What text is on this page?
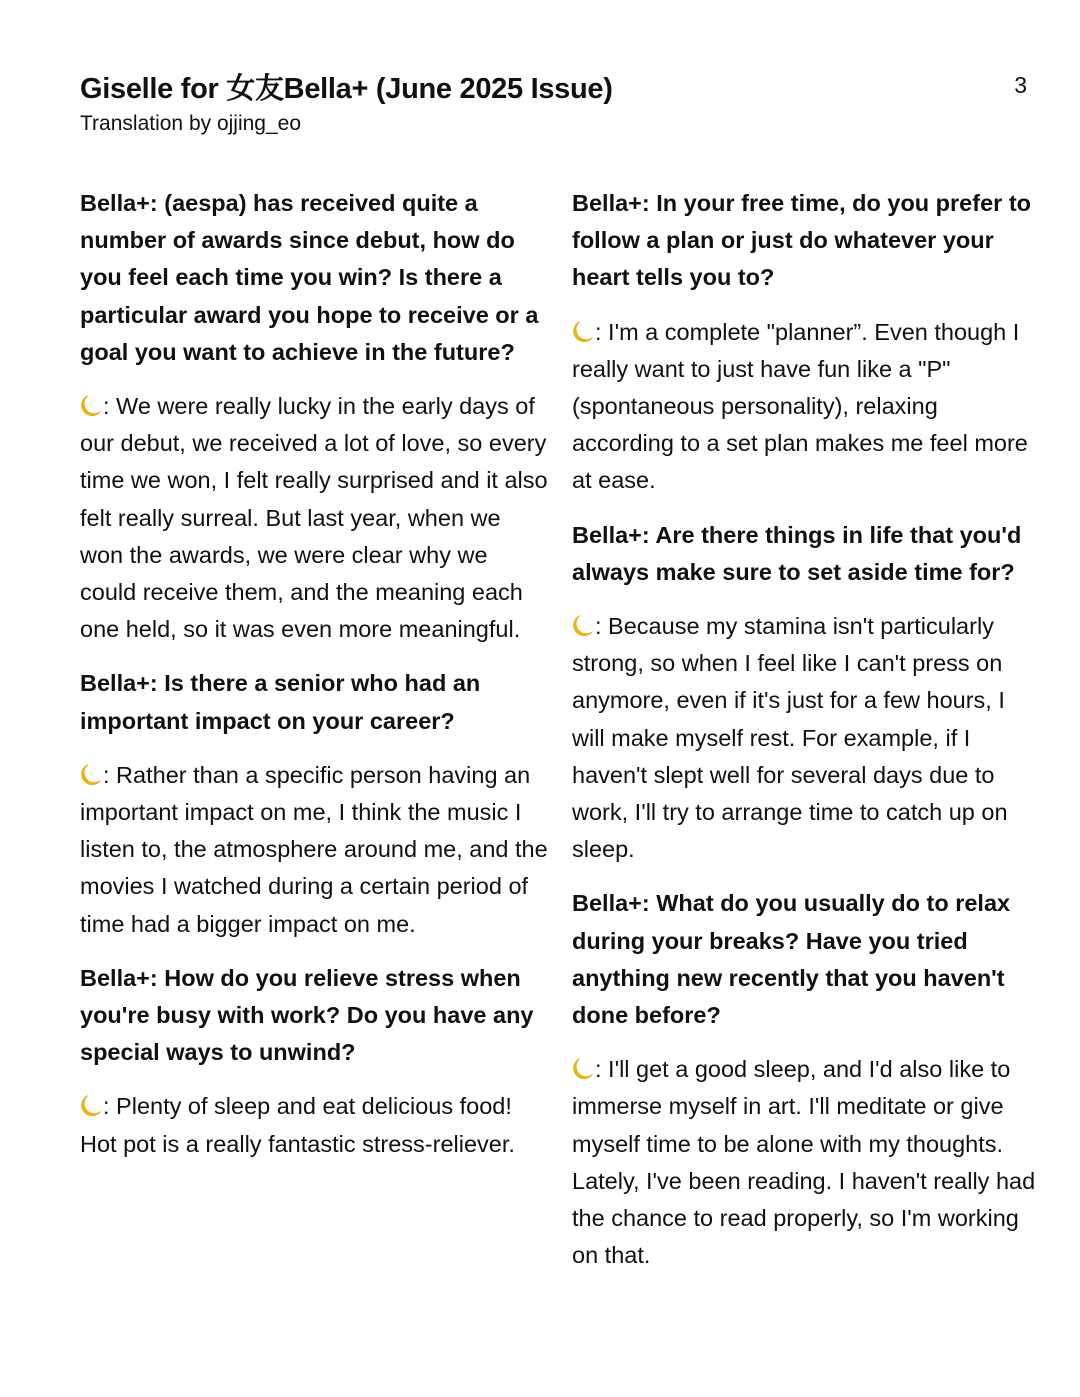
Giselle for 女友Bella+ (June 2025 Issue)	3
Translation by ojjing_eo

Bella+: (aespa) has received quite a number of awards since debut, how do you feel each time you win? Is there a particular award you hope to receive or a goal you want to achieve in the future?

: We were really lucky in the early days of our debut, we received a lot of love, so every time we won, I felt really surprised and it also felt really surreal. But last year, when we won the awards, we were clear why we could receive them, and the meaning each one held, so it was even more meaningful.

Bella+: Is there a senior who had an important impact on your career?

: Rather than a specific person having an important impact on me, I think the music I listen to, the atmosphere around me, and the movies I watched during a certain period of time had a bigger impact on me.

Bella+: How do you relieve stress when you're busy with work? Do you have any special ways to unwind?

: Plenty of sleep and eat delicious food! Hot pot is a really fantastic stress-reliever.

Bella+: In your free time, do you prefer to follow a plan or just do whatever your heart tells you to?

: I'm a complete "planner”. Even though I really want to just have fun like a "P" (spontaneous personality), relaxing according to a set plan makes me feel more at ease.

Bella+: Are there things in life that you'd always make sure to set aside time for?

: Because my stamina isn't particularly strong, so when I feel like I can't press on anymore, even if it's just for a few hours, I will make myself rest. For example, if I haven't slept well for several days due to work, I'll try to arrange time to catch up on sleep.

Bella+: What do you usually do to relax during your breaks? Have you tried anything new recently that you haven't done before?

: I'll get a good sleep, and I'd also like to immerse myself in art. I'll meditate or give myself time to be alone with my thoughts. Lately, I've been reading. I haven't really had the chance to read properly, so I'm working on that.
